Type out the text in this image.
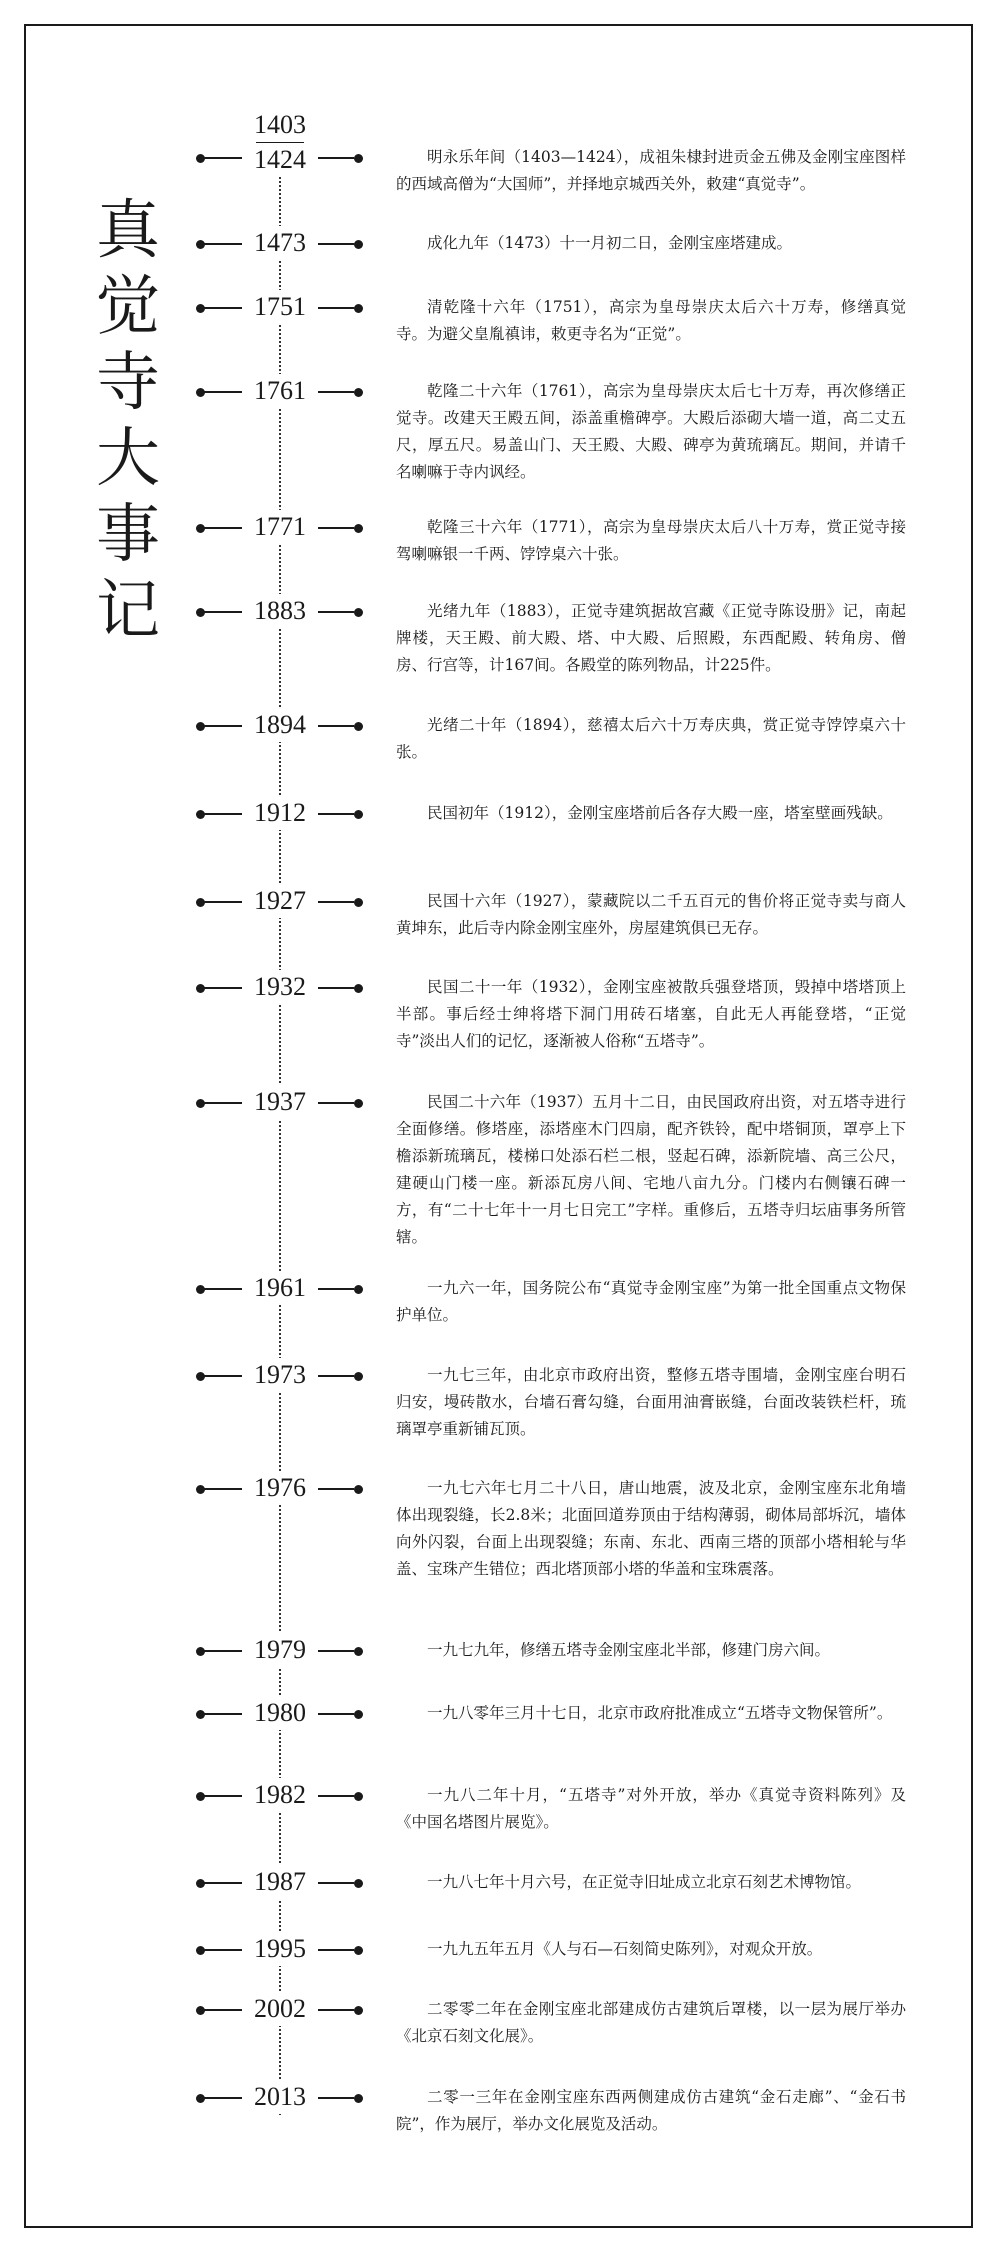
真
觉
寺
大
事
记
1403
1424	明永乐年间（1403—1424），成祖朱棣封进贡金五佛及金刚宝座图样的西域高僧为“大国师”，并择地京城西关外，敕建“真觉寺”。
1473	成化九年（1473）十一月初二日，金刚宝座塔建成。
1751	清乾隆十六年（1751），高宗为皇母崇庆太后六十万寿，修缮真觉寺。为避父皇胤禛讳，敕更寺名为“正觉”。
1761	乾隆二十六年（1761），高宗为皇母崇庆太后七十万寿，再次修缮正觉寺。改建天王殿五间，添盖重檐碑亭。大殿后添砌大墙一道，高二丈五尺，厚五尺。易盖山门、天王殿、大殿、碑亭为黄琉璃瓦。期间，并请千名喇嘛于寺内讽经。
1771	乾隆三十六年（1771），高宗为皇母崇庆太后八十万寿，赏正觉寺接驾喇嘛银一千两、饽饽桌六十张。
1883	光绪九年（1883），正觉寺建筑据故宫藏《正觉寺陈设册》记，南起牌楼，天王殿、前大殿、塔、中大殿、后照殿，东西配殿、转角房、僧房、行宫等，计167间。各殿堂的陈列物品，计225件。
1894	光绪二十年（1894），慈禧太后六十万寿庆典，赏正觉寺饽饽桌六十张。
1912	民国初年（1912），金刚宝座塔前后各存大殿一座，塔室壁画残缺。
1927	民国十六年（1927），蒙藏院以二千五百元的售价将正觉寺卖与商人黄坤东，此后寺内除金刚宝座外，房屋建筑俱已无存。
1932	民国二十一年（1932），金刚宝座被散兵强登塔顶，毁掉中塔塔顶上半部。事后经士绅将塔下洞门用砖石堵塞，自此无人再能登塔，“正觉寺”淡出人们的记忆，逐渐被人俗称“五塔寺”。
1937	民国二十六年（1937）五月十二日，由民国政府出资，对五塔寺进行全面修缮。修塔座，添塔座木门四扇，配齐铁铃，配中塔铜顶，罩亭上下檐添新琉璃瓦，楼梯口处添石栏二根，竖起石碑，添新院墙、高三公尺，建硬山门楼一座。新添瓦房八间、宅地八亩九分。门楼内右侧镶石碑一方，有“二十七年十一月七日完工”字样。重修后，五塔寺归坛庙事务所管辖。
1961	一九六一年，国务院公布“真觉寺金刚宝座”为第一批全国重点文物保护单位。
1973	一九七三年，由北京市政府出资，整修五塔寺围墙，金刚宝座台明石归安，墁砖散水，台墙石膏勾缝，台面用油膏嵌缝，台面改装铁栏杆，琉璃罩亭重新铺瓦顶。
1976	一九七六年七月二十八日，唐山地震，波及北京，金刚宝座东北角墙体出现裂缝，长2.8米；北面回道券顶由于结构薄弱，砌体局部坼沉，墙体向外闪裂，台面上出现裂缝；东南、东北、西南三塔的顶部小塔相轮与华盖、宝珠产生错位；西北塔顶部小塔的华盖和宝珠震落。
1979	一九七九年，修缮五塔寺金刚宝座北半部，修建门房六间。
1980	一九八零年三月十七日，北京市政府批准成立“五塔寺文物保管所”。
1982	一九八二年十月，“五塔寺”对外开放，举办《真觉寺资料陈列》及《中国名塔图片展览》。
1987	一九八七年十月六号，在正觉寺旧址成立北京石刻艺术博物馆。
1995	一九九五年五月《人与石—石刻简史陈列》，对观众开放。
2002	二零零二年在金刚宝座北部建成仿古建筑后罩楼，以一层为展厅举办《北京石刻文化展》。
2013	二零一三年在金刚宝座东西两侧建成仿古建筑“金石走廊”、“金石书院”，作为展厅，举办文化展览及活动。
